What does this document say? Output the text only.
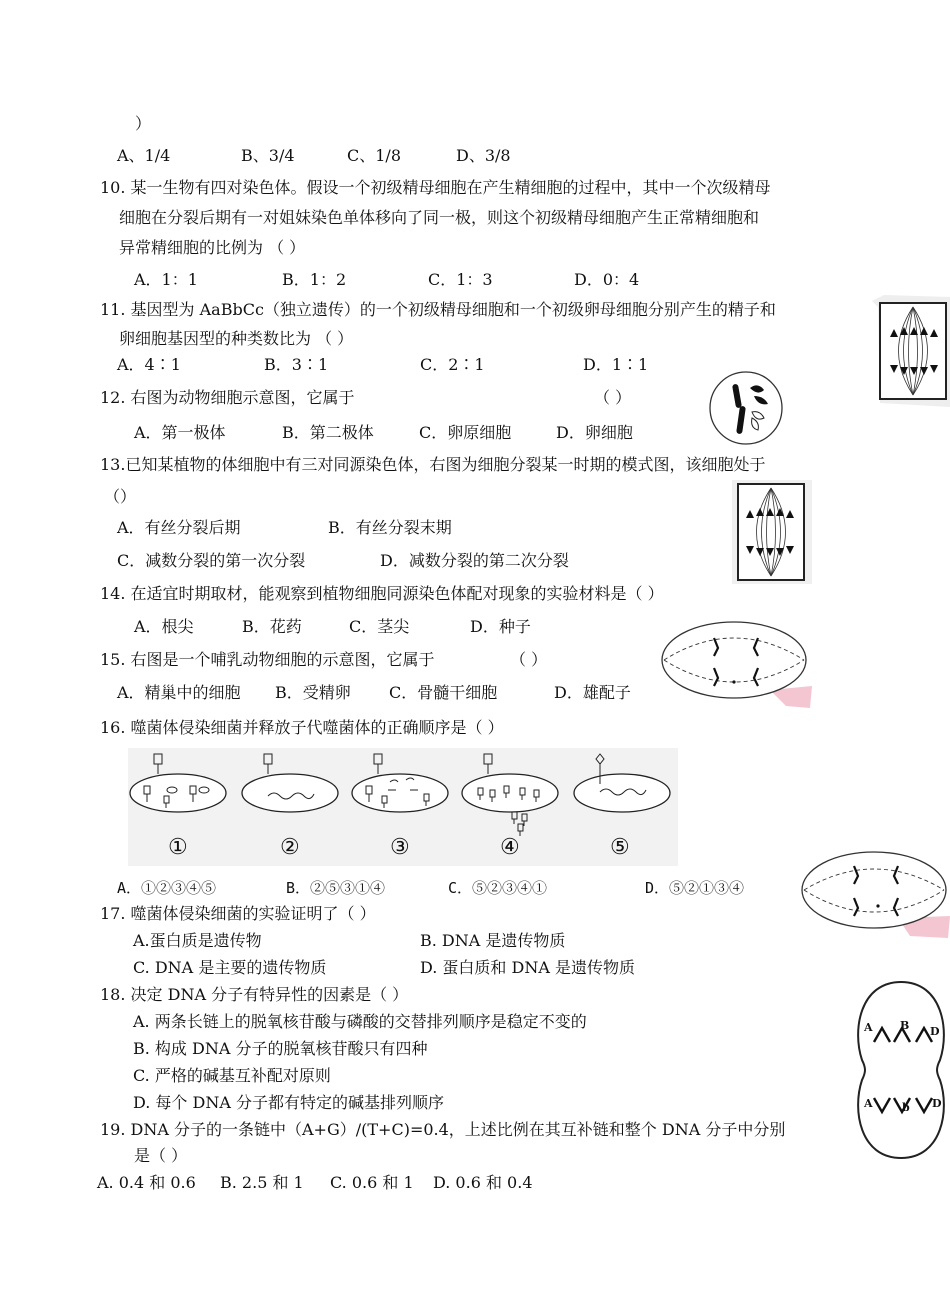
）
A、1/4	B、3/4	C、1/8	D、3/8
10. 某一生物有四对染色体。假设一个初级精母细胞在产生精细胞的过程中，其中一个次级精母
细胞在分裂后期有一对姐妹染色单体移向了同一极，则这个初级精母细胞产生正常精细胞和
异常精细胞的比例为 （ ）
A．1：1	B．1：2	C．1：3	D．0：4
11. 基因型为 AaBbCc（独立遗传）的一个初级精母细胞和一个初级卵母细胞分别产生的精子和
卵细胞基因型的种类数比为 （ ）
A．4∶1	B．3∶1	C．2∶1	D．1∶1
12. 右图为动物细胞示意图，它属于	（ ）
A．第一极体	B．第二极体	C．卵原细胞	D．卵细胞
13.已知某植物的体细胞中有三对同源染色体，右图为细胞分裂某一时期的模式图，该细胞处于
（）
A．有丝分裂后期	B．有丝分裂末期
C．减数分裂的第一次分裂	D．减数分裂的第二次分裂
14. 在适宜时期取材，能观察到植物细胞同源染色体配对现象的实验材料是（ ）
A．根尖	B．花药	C．茎尖	D．种子
15. 右图是一个哺乳动物细胞的示意图，它属于	（ ）
A．精巢中的细胞 B．受精卵 C．骨髓干细胞	D．雄配子
16. 噬菌体侵染细菌并释放子代噬菌体的正确顺序是（ ）
①	②	③	④	⑤
A．①②③④⑤	B．②⑤③①④	C．⑤②③④①	D．⑤②①③④
17. 噬菌体侵染细菌的实验证明了（ ）
A.蛋白质是遗传物	B. DNA 是遗传物质
C. DNA 是主要的遗传物质	D. 蛋白质和 DNA 是遗传物质
18. 决定 DNA 分子有特异性的因素是（ ）
A. 两条长链上的脱氧核苷酸与磷酸的交替排列顺序是稳定不变的
B. 构成 DNA 分子的脱氧核苷酸只有四种
C. 严格的碱基互补配对原则
D. 每个 DNA 分子都有特定的碱基排列顺序
19. DNA 分子的一条链中（A+G）/(T+C)=0.4，上述比例在其互补链和整个 DNA 分子中分别
是（ ）
A. 0.4 和 0.6 B. 2.5 和 1 C. 0.6 和 1 D. 0.6 和 0.4
A B D
A	b D
